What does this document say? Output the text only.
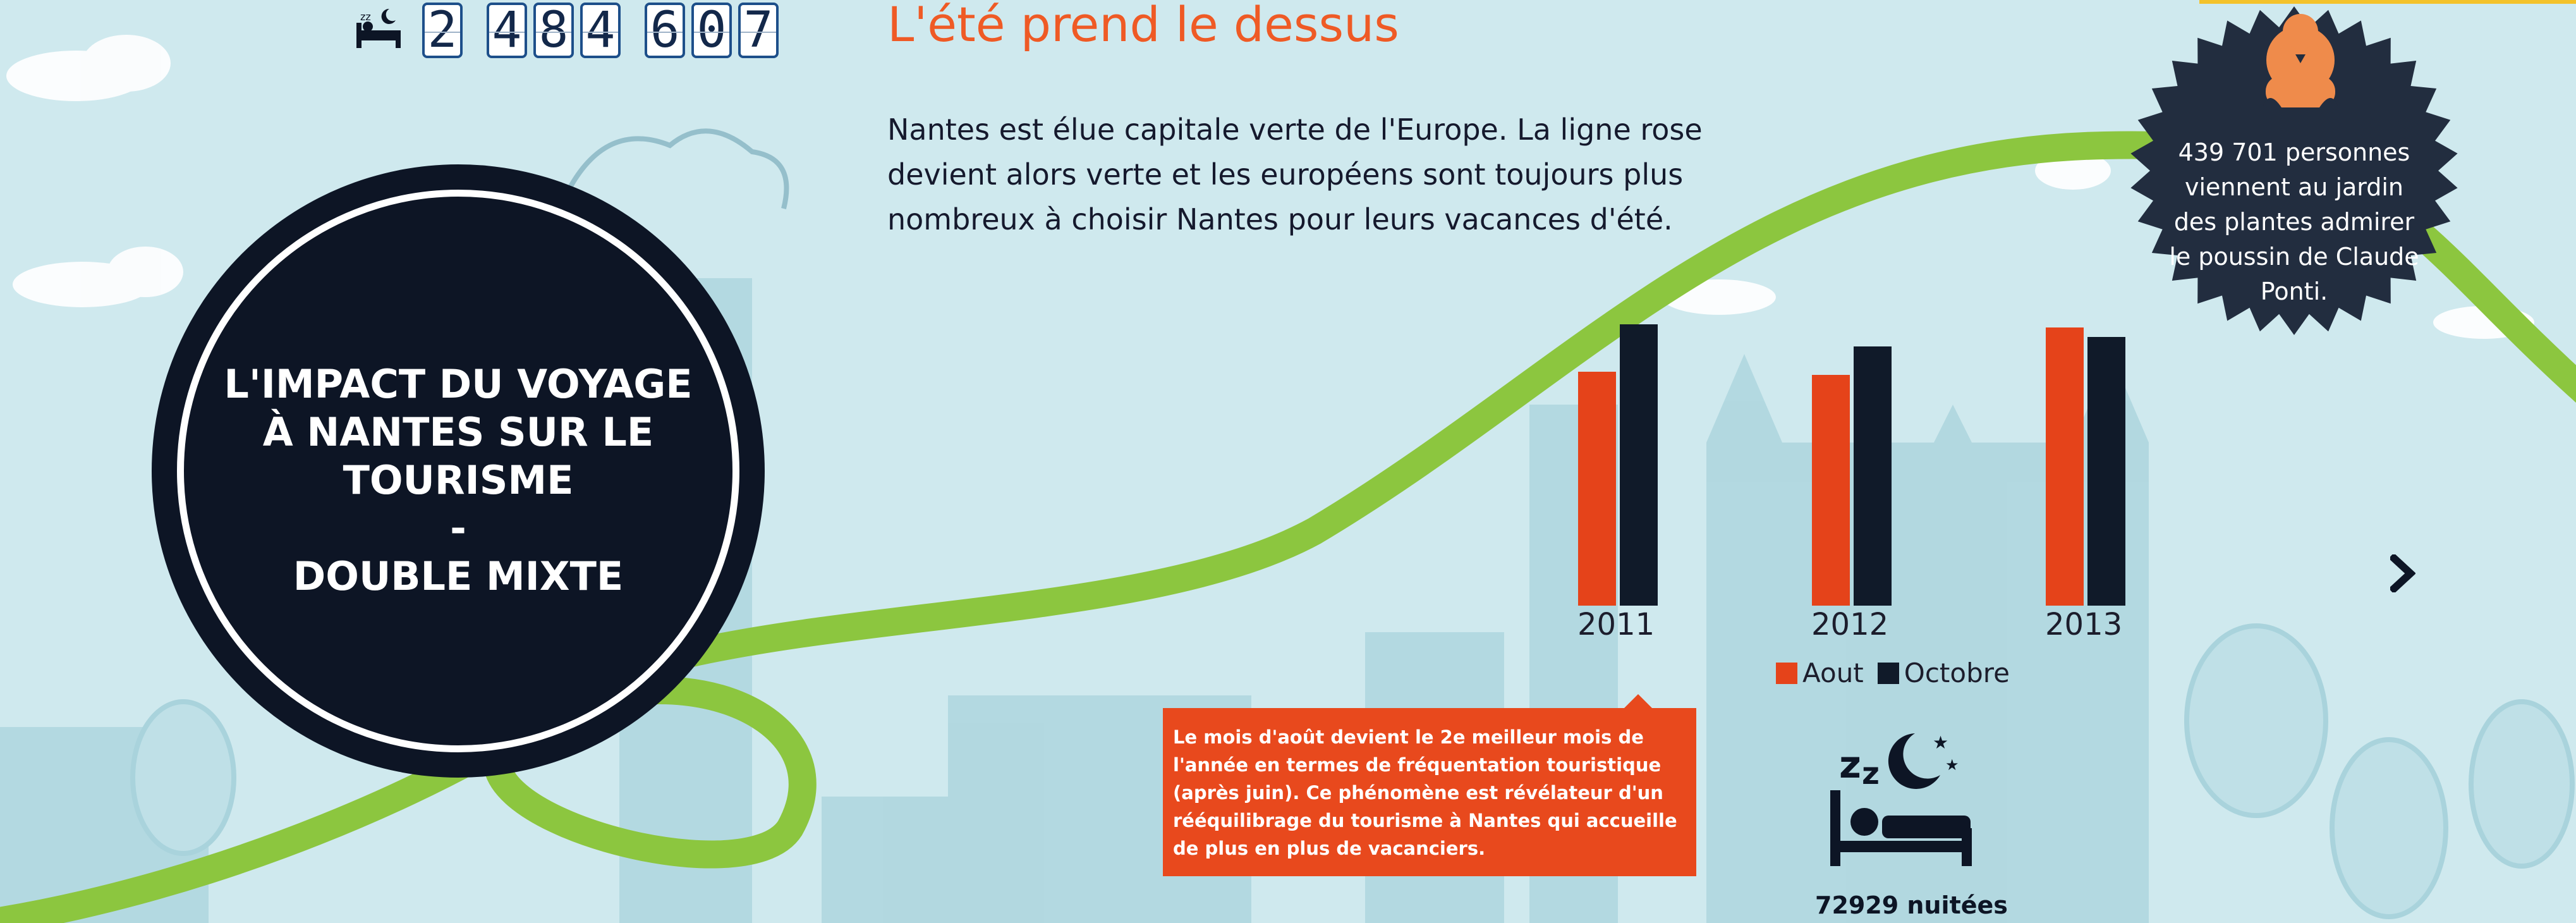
zz 2 4 8 4 6 0 7 L'été prend le dessus

Nantes est élue capitale verte de l'Europe. La ligne rose devient alors verte et les européens sont toujours plus nombreux à choisir Nantes pour leurs vacances d'été.

L'IMPACT DU VOYAGE
À NANTES SUR LE
TOURISME
-
DOUBLE MIXTE
439 701 personnes viennent au jardin des plantes admirer le poussin de Claude Ponti.
2011	2012	2013
Aout Octobre
Le mois d'août devient le 2e meilleur mois de l'année en termes de fréquentation touristique (après juin). Ce phénomène est révélateur d'un rééquilibrage du tourisme à Nantes qui accueille de plus en plus de vacanciers.
z z
★
★
72929 nuitées
